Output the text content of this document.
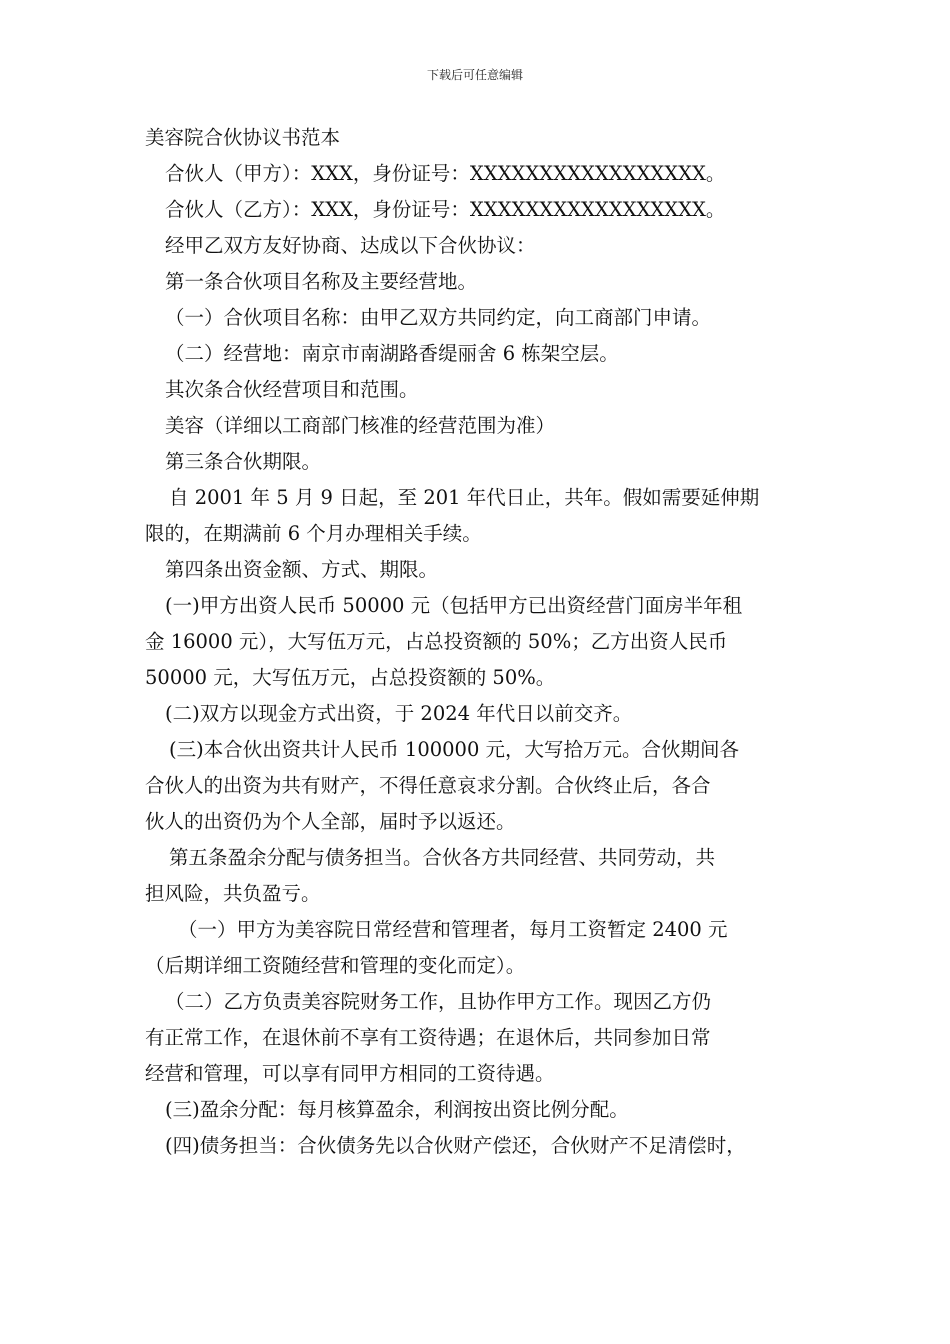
下载后可任意编辑
美容院合伙协议书范本
合伙人（甲方）：XXX，身份证号：XXXXXXXXXXXXXXXXX。
合伙人（乙方）：XXX，身份证号：XXXXXXXXXXXXXXXXX。
经甲乙双方友好协商、达成以下合伙协议：
第一条合伙项目名称及主要经营地。
（一）合伙项目名称：由甲乙双方共同约定，向工商部门申请。
（二）经营地：南京市南湖路香缇丽舍 6 栋架空层。
其次条合伙经营项目和范围。
美容（详细以工商部门核准的经营范围为准）
第三条合伙期限。
自 2001 年 5 月 9 日起，至 201 年代日止，共年。假如需要延伸期
限的，在期满前 6 个月办理相关手续。
第四条出资金额、方式、期限。
(一)甲方出资人民币 50000 元（包括甲方已出资经营门面房半年租
金 16000 元），大写伍万元，占总投资额的 50%；乙方出资人民币
50000 元，大写伍万元，占总投资额的 50%。
(二)双方以现金方式出资，于 2024 年代日以前交齐。
(三)本合伙出资共计人民币 100000 元，大写拾万元。合伙期间各
合伙人的出资为共有财产，不得任意哀求分割。合伙终止后，各合
伙人的出资仍为个人全部，届时予以返还。
第五条盈余分配与债务担当。合伙各方共同经营、共同劳动，共
担风险，共负盈亏。
（一）甲方为美容院日常经营和管理者，每月工资暂定 2400 元
（后期详细工资随经营和管理的变化而定）。
（二）乙方负责美容院财务工作，且协作甲方工作。现因乙方仍
有正常工作，在退休前不享有工资待遇；在退休后，共同参加日常
经营和管理，可以享有同甲方相同的工资待遇。
(三)盈余分配：每月核算盈余，利润按出资比例分配。
(四)债务担当：合伙债务先以合伙财产偿还，合伙财产不足清偿时，
